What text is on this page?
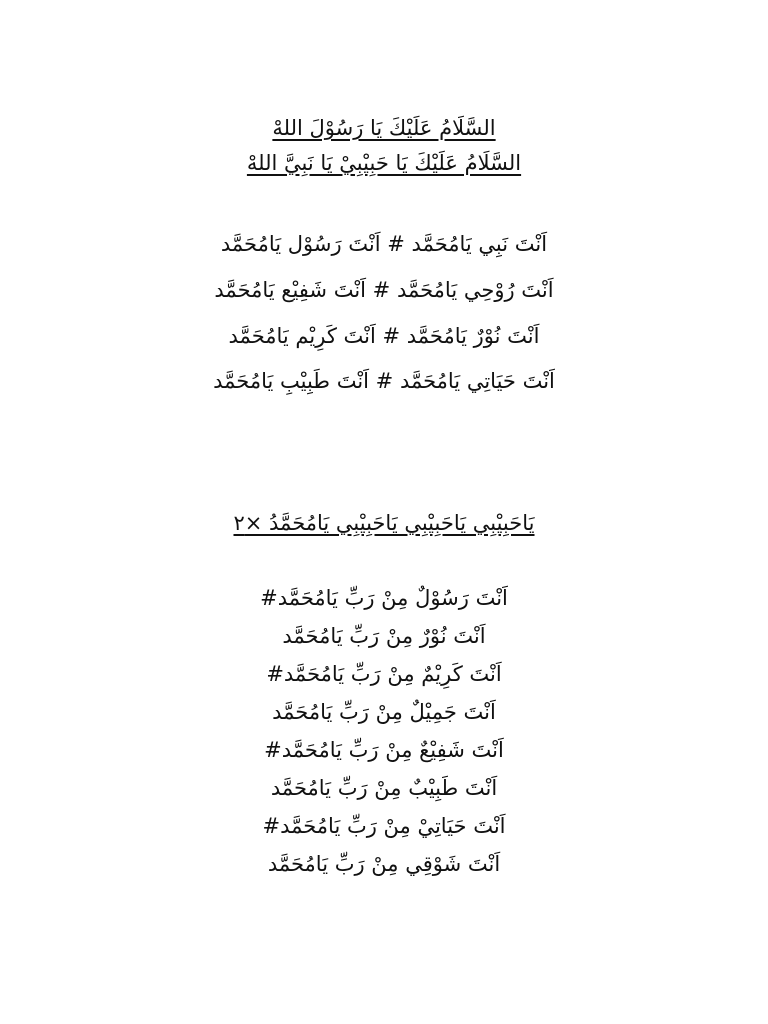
السَّلَامُ عَلَيْكَ يَا رَسُوْلَ اللهْ
السَّلَامُ عَلَيْكَ يَا حَبِيْبِيْ يَا نَبِيَّ اللهْ
اَنْتَ نَبِي يَامُحَمَّد # اَنْتَ رَسُوْل يَامُحَمَّد
اَنْتَ رُوْحِي يَامُحَمَّد # اَنْتَ شَفِيْع يَامُحَمَّد
اَنْتَ نُوْرٌ يَامُحَمَّد # اَنْتَ كَرِيْم يَامُحَمَّد
اَنْتَ حَيَاتِي يَامُحَمَّد # اَنْتَ طَبِيْبِ يَامُحَمَّد
يَاحَبِيْبِي يَاحَبِيْبِي يَاحَبِيْبِي يَامُحَمَّدُ ×٢
اَنْتَ رَسُوْلٌ مِنْ رَبِّ يَامُحَمَّد#
اَنْتَ نُوْرٌ مِنْ رَبِّ يَامُحَمَّد
اَنْتَ كَرِيْمٌ مِنْ رَبِّ يَامُحَمَّد#
اَنْتَ جَمِيْلٌ مِنْ رَبِّ يَامُحَمَّد
اَنْتَ شَفِيْعٌ مِنْ رَبِّ يَامُحَمَّد#
اَنْتَ طَبِيْبٌ مِنْ رَبِّ يَامُحَمَّد
اَنْتَ حَيَاتِيْ مِنْ رَبِّ يَامُحَمَّد#
اَنْتَ شَوْقِي مِنْ رَبِّ يَامُحَمَّد
